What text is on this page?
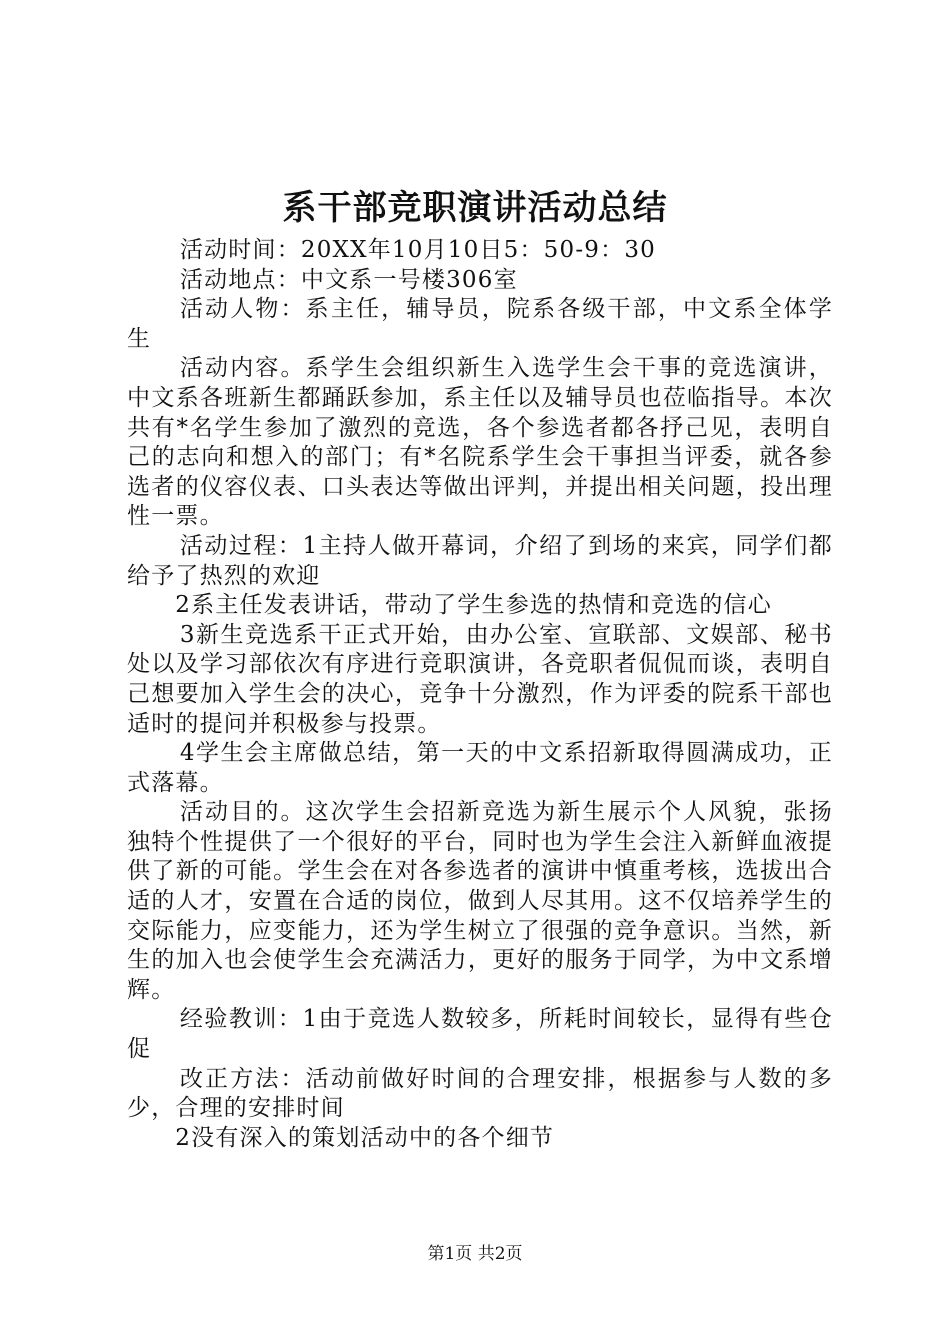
系干部竞职演讲活动总结

活动时间：20XX年10月10日5：50-9：30

活动地点：中文系一号楼306室

活动人物：系主任，辅导员，院系各级干部，中文系全体学生

活动内容。系学生会组织新生入选学生会干事的竞选演讲，中文系各班新生都踊跃参加，系主任以及辅导员也莅临指导。本次共有*名学生参加了激烈的竞选，各个参选者都各抒己见，表明自己的志向和想入的部门；有*名院系学生会干事担当评委，就各参选者的仪容仪表、口头表达等做出评判，并提出相关问题，投出理性一票。

活动过程：1主持人做开幕词，介绍了到场的来宾，同学们都给予了热烈的欢迎

2系主任发表讲话，带动了学生参选的热情和竞选的信心

3新生竞选系干正式开始，由办公室、宣联部、文娱部、秘书处以及学习部依次有序进行竞职演讲，各竞职者侃侃而谈，表明自己想要加入学生会的决心，竞争十分激烈，作为评委的院系干部也适时的提问并积极参与投票。

4学生会主席做总结，第一天的中文系招新取得圆满成功，正式落幕。

活动目的。这次学生会招新竞选为新生展示个人风貌，张扬独特个性提供了一个很好的平台，同时也为学生会注入新鲜血液提供了新的可能。学生会在对各参选者的演讲中慎重考核，选拔出合适的人才，安置在合适的岗位，做到人尽其用。这不仅培养学生的交际能力，应变能力，还为学生树立了很强的竞争意识。当然，新生的加入也会使学生会充满活力，更好的服务于同学，为中文系增辉。

经验教训：1由于竞选人数较多，所耗时间较长，显得有些仓促

改正方法：活动前做好时间的合理安排，根据参与人数的多少，合理的安排时间

2没有深入的策划活动中的各个细节

第1页 共2页
